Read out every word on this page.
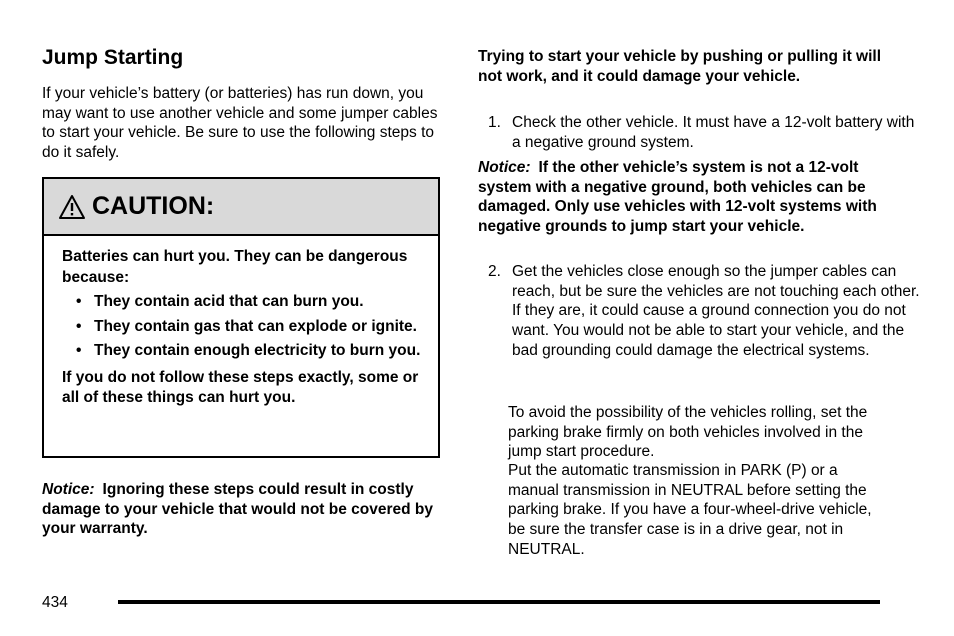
Jump Starting

If your vehicle’s battery (or batteries) has run down, you may want to use another vehicle and some jumper cables to start your vehicle. Be sure to use the following steps to do it safely.

CAUTION:

Batteries can hurt you. They can be dangerous because:

• They contain acid that can burn you.
• They contain gas that can explode or ignite.
• They contain enough electricity to burn you.

If you do not follow these steps exactly, some or all of these things can hurt you.

Notice: Ignoring these steps could result in costly damage to your vehicle that would not be covered by your warranty.

Trying to start your vehicle by pushing or pulling it will not work, and it could damage your vehicle.

1. Check the other vehicle. It must have a 12-volt battery with a negative ground system.

Notice: If the other vehicle’s system is not a 12-volt system with a negative ground, both vehicles can be damaged. Only use vehicles with 12-volt systems with negative grounds to jump start your vehicle.

2. Get the vehicles close enough so the jumper cables can reach, but be sure the vehicles are not touching each other. If they are, it could cause a ground connection you do not want. You would not be able to start your vehicle, and the bad grounding could damage the electrical systems.

To avoid the possibility of the vehicles rolling, set the parking brake firmly on both vehicles involved in the jump start procedure.

Put the automatic transmission in PARK (P) or a manual transmission in NEUTRAL before setting the parking brake. If you have a four-wheel-drive vehicle, be sure the transfer case is in a drive gear, not in NEUTRAL.

434
